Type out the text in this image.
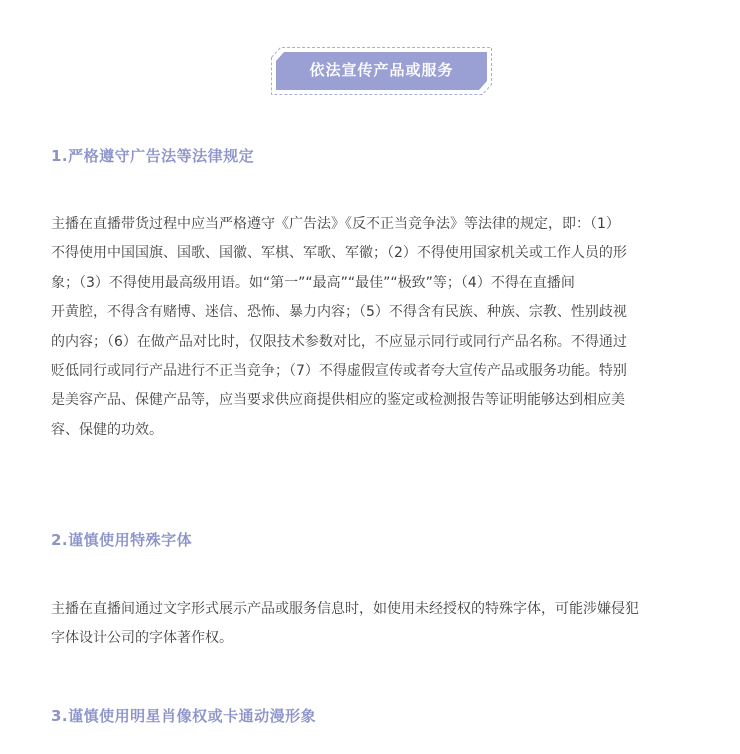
依法宣传产品或服务
1.严格遵守广告法等法律规定
主播在直播带货过程中应当严格遵守《广告法》《反不正当竞争法》等法律的规定，即：（1）
不得使用中国国旗、国歌、国徽、军棋、军歌、军徽；（2）不得使用国家机关或工作人员的形
象；（3）不得使用最高级用语。如“第一”“最高”“最佳”“极致”等；（4）不得在直播间
开黄腔，不得含有赌博、迷信、恐怖、暴力内容；（5）不得含有民族、种族、宗教、性别歧视
的内容；（6）在做产品对比时，仅限技术参数对比，不应显示同行或同行产品名称。不得通过
贬低同行或同行产品进行不正当竞争；（7）不得虚假宣传或者夸大宣传产品或服务功能。特别
是美容产品、保健产品等，应当要求供应商提供相应的鉴定或检测报告等证明能够达到相应美
容、保健的功效。
2.谨慎使用特殊字体
主播在直播间通过文字形式展示产品或服务信息时，如使用未经授权的特殊字体，可能涉嫌侵犯
字体设计公司的字体著作权。
3.谨慎使用明星肖像权或卡通动漫形象
